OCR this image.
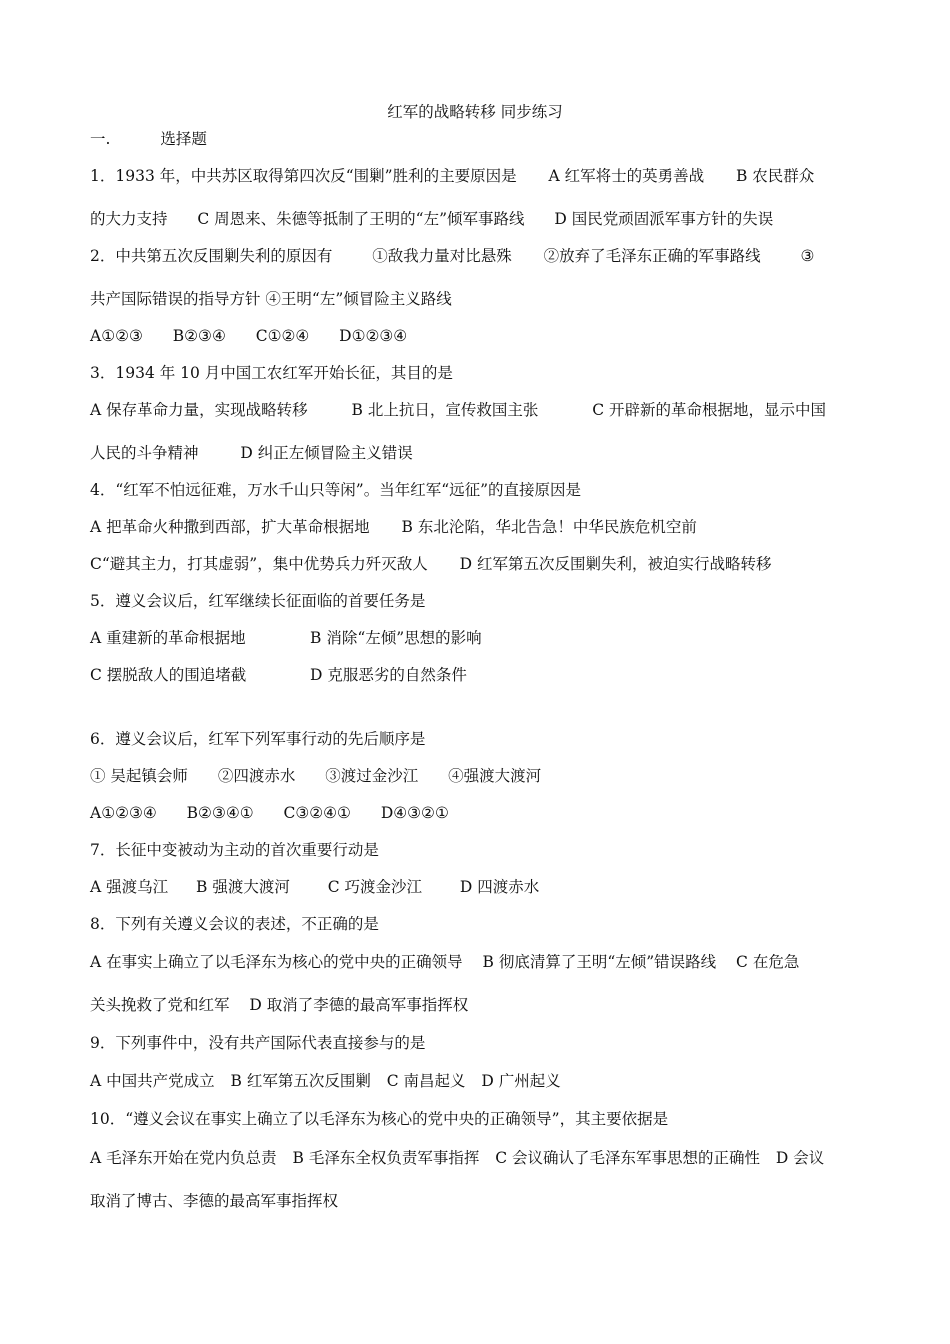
红军的战略转移 同步练习
一.	选择题
1．1933 年，中共苏区取得第四次反“围剿”胜利的主要原因是 A 红军将士的英勇善战 B 农民群众
的大力支持 C 周恩来、朱德等抵制了王明的“左”倾军事路线 D 国民党顽固派军事方针的失误
2．中共第五次反围剿失利的原因有	①敌我力量对比悬殊 ②放弃了毛泽东正确的军事路线	③
共产国际错误的指导方针 ④王明“左”倾冒险主义路线
A①②③ B②③④ C①②④ D①②③④
3．1934 年 10 月中国工农红军开始长征，其目的是
A 保存革命力量，实现战略转移	B 北上抗日，宣传救国主张	C 开辟新的革命根据地，显示中国
人民的斗争精神	D 纠正左倾冒险主义错误
4．“红军不怕远征难，万水千山只等闲”。当年红军“远征”的直接原因是
A 把革命火种撒到西部，扩大革命根据地 B 东北沦陷，华北告急！中华民族危机空前
C“避其主力，打其虚弱”，集中优势兵力歼灭敌人 D 红军第五次反围剿失利，被迫实行战略转移
5．遵义会议后，红军继续长征面临的首要任务是
A 重建新的革命根据地	B 消除“左倾”思想的影响
C 摆脱敌人的围追堵截	D 克服恶劣的自然条件
6．遵义会议后，红军下列军事行动的先后顺序是
① 吴起镇会师 ②四渡赤水 ③渡过金沙江 ④强渡大渡河
A①②③④ B②③④① C③②④① D④③②①
7．长征中变被动为主动的首次重要行动是
A 强渡乌江 B 强渡大渡河 C 巧渡金沙江 D 四渡赤水
8．下列有关遵义会议的表述，不正确的是
A 在事实上确立了以毛泽东为核心的党中央的正确领导 B 彻底清算了王明“左倾”错误路线 C 在危急
关头挽救了党和红军 D 取消了李德的最高军事指挥权
9．下列事件中，没有共产国际代表直接参与的是
A 中国共产党成立 B 红军第五次反围剿 C 南昌起义 D 广州起义
10．“遵义会议在事实上确立了以毛泽东为核心的党中央的正确领导”，其主要依据是
A 毛泽东开始在党内负总责 B 毛泽东全权负责军事指挥 C 会议确认了毛泽东军事思想的正确性 D 会议
取消了博古、李德的最高军事指挥权
